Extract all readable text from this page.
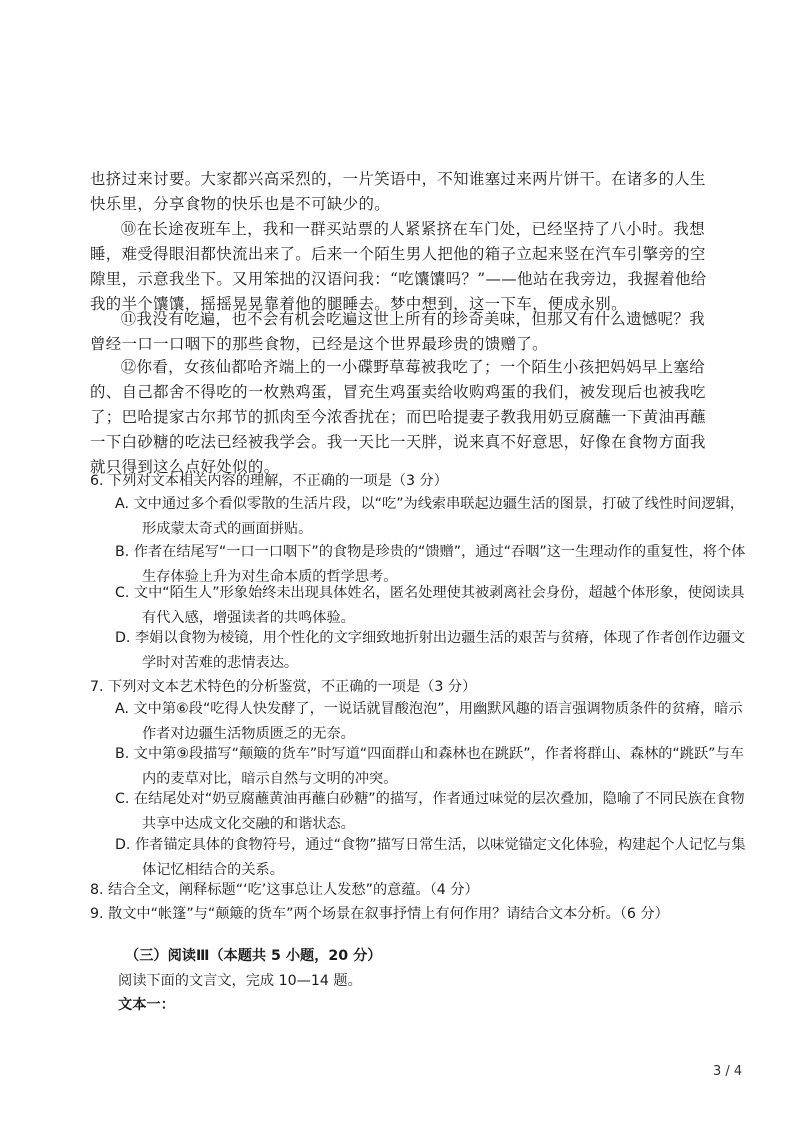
也挤过来讨要。大家都兴高采烈的，一片笑语中，不知谁塞过来两片饼干。在诸多的人生快乐里，分享食物的快乐也是不可缺少的。

⑩在长途夜班车上，我和一群买站票的人紧紧挤在车门处，已经坚持了八小时。我想睡，难受得眼泪都快流出来了。后来一个陌生男人把他的箱子立起来竖在汽车引擎旁的空隙里，示意我坐下。又用笨拙的汉语问我：“吃馕馕吗？”——他站在我旁边，我握着他给我的半个馕馕，摇摇晃晃靠着他的腿睡去。梦中想到，这一下车，便成永别。

⑪我没有吃遍，也不会有机会吃遍这世上所有的珍奇美味，但那又有什么遗憾呢？我曾经一口一口咽下的那些食物，已经是这个世界最珍贵的馈赠了。

⑫你看，女孩仙都哈齐端上的一小碟野草莓被我吃了；一个陌生小孩把妈妈早上塞给的、自己都舍不得吃的一枚熟鸡蛋，冒充生鸡蛋卖给收购鸡蛋的我们，被发现后也被我吃了；巴哈提家古尔邦节的抓肉至今浓香扰在；而巴哈提妻子教我用奶豆腐蘸一下黄油再蘸一下白砂糖的吃法已经被我学会。我一天比一天胖，说来真不好意思，好像在食物方面我就只得到这么点好处似的。

6. 下列对文本相关内容的理解，不正确的一项是（3 分）

A. 文中通过多个看似零散的生活片段，以“吃”为线索串联起边疆生活的图景，打破了线性时间逻辑，形成蒙太奇式的画面拼贴。

B. 作者在结尾写“一口一口咽下”的食物是珍贵的“馈赠”，通过“吞咽”这一生理动作的重复性，将个体生存体验上升为对生命本质的哲学思考。

C. 文中“陌生人”形象始终未出现具体姓名，匿名处理使其被剥离社会身份，超越个体形象，使阅读具有代入感，增强读者的共鸣体验。

D. 李娟以食物为棱镜，用个性化的文字细致地折射出边疆生活的艰苦与贫瘠，体现了作者创作边疆文学时对苦难的悲情表达。

7. 下列对文本艺术特色的分析鉴赏，不正确的一项是（3 分）

A. 文中第⑥段“吃得人快发酵了，一说话就冒酸泡泡”，用幽默风趣的语言强调物质条件的贫瘠，暗示作者对边疆生活物质匮乏的无奈。

B. 文中第⑨段描写“颠簸的货车”时写道“四面群山和森林也在跳跃”，作者将群山、森林的“跳跃”与车内的麦草对比，暗示自然与文明的冲突。

C. 在结尾处对“奶豆腐蘸黄油再蘸白砂糖”的描写，作者通过味觉的层次叠加，隐喻了不同民族在食物共享中达成文化交融的和谐状态。

D. 作者锚定具体的食物符号，通过“食物”描写日常生活，以味觉锚定文化体验，构建起个人记忆与集体记忆相结合的关系。

8. 结合全文，阐释标题“‘吃’这事总让人发愁”的意蕴。（4 分）

9. 散文中“帐篷”与“颠簸的货车”两个场景在叙事抒情上有何作用？请结合文本分析。（6 分）

（三）阅读Ⅲ（本题共 5 小题，20 分）

阅读下面的文言文，完成 10—14 题。

文本一：

3 / 4
